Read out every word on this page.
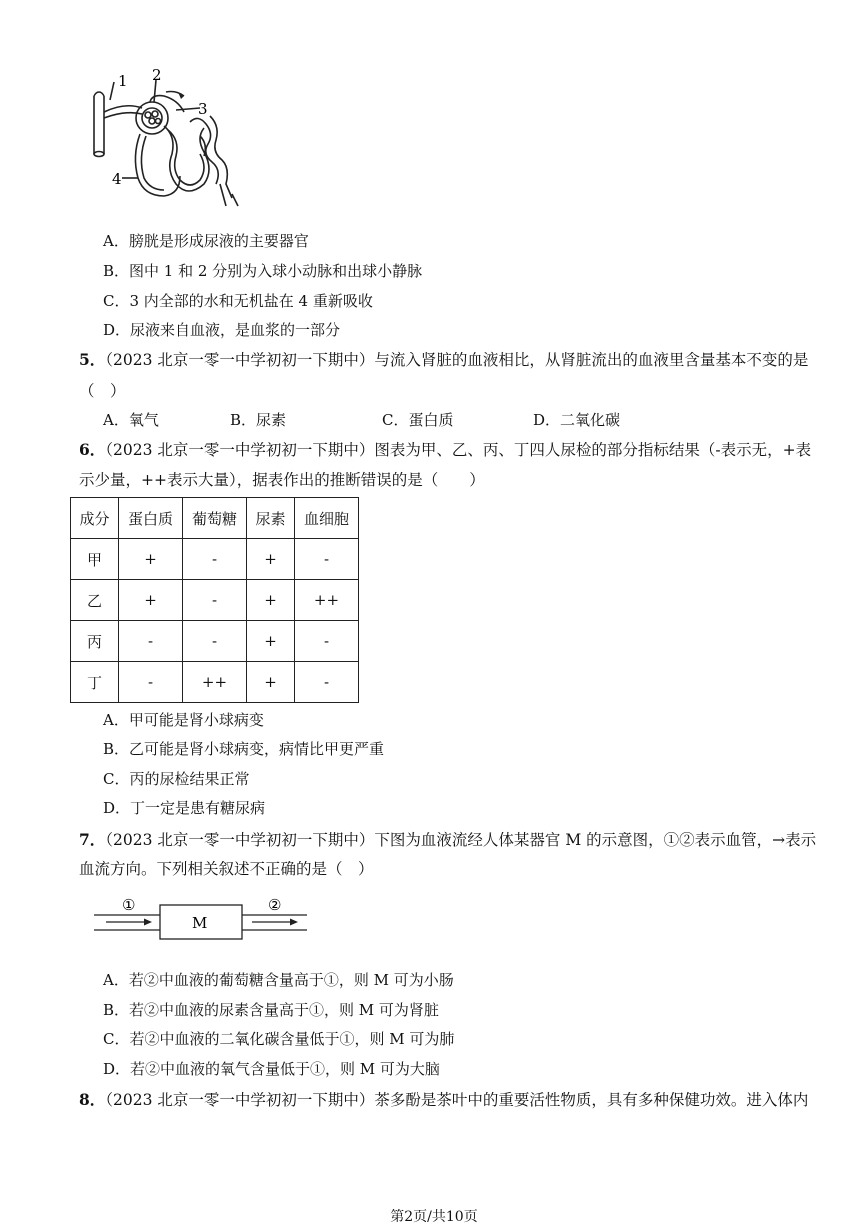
1 2
3
4
A．膀胱是形成尿液的主要器官
B．图中 1 和 2 分别为入球小动脉和出球小静脉
C．3 内全部的水和无机盐在 4 重新吸收
D．尿液来自血液，是血浆的一部分
5．（2023 北京一零一中学初初一下期中）与流入肾脏的血液相比，从肾脏流出的血液里含量基本不变的是
（　）
A．氧气	B．尿素	C．蛋白质	D．二氧化碳
6．（2023 北京一零一中学初初一下期中）图表为甲、乙、丙、丁四人尿检的部分指标结果（-表示无，+表
示少量，++表示大量），据表作出的推断错误的是（　　）
成分	蛋白质	葡萄糖	尿素	血细胞
甲	+	-	+	-
乙	+	-	+	++
丙	-	-	+	-
丁	-	++	+	-
A．甲可能是肾小球病变
B．乙可能是肾小球病变，病情比甲更严重
C．丙的尿检结果正常
D．丁一定是患有糖尿病
7．（2023 北京一零一中学初初一下期中）下图为血液流经人体某器官 M 的示意图，①②表示血管，→表示
血流方向。下列相关叙述不正确的是（　）
①	②
M
A．若②中血液的葡萄糖含量高于①，则 M 可为小肠
B．若②中血液的尿素含量高于①，则 M 可为肾脏
C．若②中血液的二氧化碳含量低于①，则 M 可为肺
D．若②中血液的氧气含量低于①，则 M 可为大脑
8．（2023 北京一零一中学初初一下期中）茶多酚是茶叶中的重要活性物质，具有多种保健功效。进入体内
第2页/共10页
